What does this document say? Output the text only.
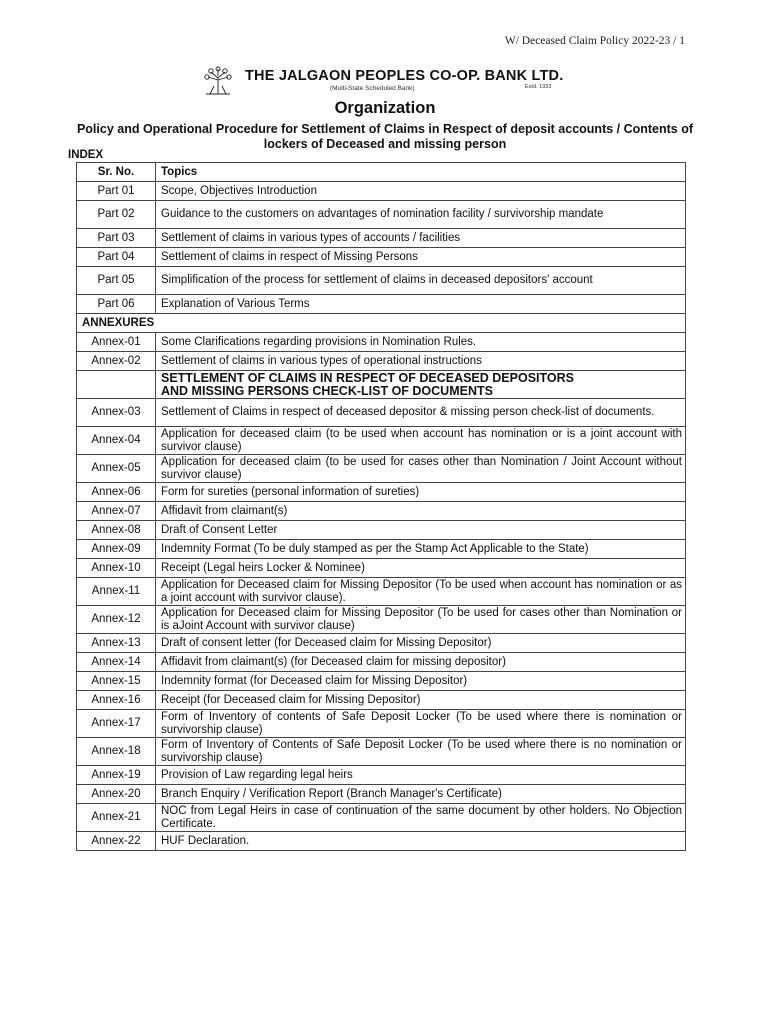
W/ Deceased Claim Policy 2022-23 / 1
THE JALGAON PEOPLES CO-OP. BANK LTD.
(Multi-State Scheduled Bank)	Estd. 1933
Organization
Policy and Operational Procedure for Settlement of Claims in Respect of deposit accounts / Contents of lockers of Deceased and missing person
INDEX
Sr. No.	Topics
Part 01	Scope, Objectives Introduction
Part 02	Guidance to the customers on advantages of nomination facility / survivorship mandate
Part 03	Settlement of claims in various types of accounts / facilities
Part 04	Settlement of claims in respect of Missing Persons
Part 05	Simplification of the process for settlement of claims in deceased depositors' account
Part 06	Explanation of Various Terms
ANNEXURES	
Annex-01	Some Clarifications regarding provisions in Nomination Rules.
Annex-02	Settlement of claims in various types of operational instructions

	SETTLEMENT OF CLAIMS IN RESPECT OF DECEASED DEPOSITORS
AND MISSING PERSONS CHECK-LIST OF DOCUMENTS

Annex-03	Settlement of Claims in respect of deceased depositor & missing person check-list of documents.
Annex-04	Application for deceased claim (to be used when account has nomination or is a joint account with survivor clause)
Annex-05	Application for deceased claim (to be used for cases other than Nomination / Joint Account without survivor clause)
Annex-06	Form for sureties (personal information of sureties)
Annex-07	Affidavit from claimant(s)
Annex-08	Draft of Consent Letter
Annex-09	Indemnity Format (To be duly stamped as per the Stamp Act Applicable to the State)
Annex-10	Receipt (Legal heirs Locker & Nominee)
Annex-11	Application for Deceased claim for Missing Depositor (To be used when account has nomination or as a joint account with survivor clause).
Annex-12	Application for Deceased claim for Missing Depositor (To be used for cases other than Nomination or is aJoint Account with survivor clause)
Annex-13	Draft of consent letter (for Deceased claim for Missing Depositor)
Annex-14	Affidavit from claimant(s) (for Deceased claim for missing depositor)
Annex-15	Indemnity format (for Deceased claim for Missing Depositor)
Annex-16	Receipt (for Deceased claim for Missing Depositor)
Annex-17	Form of Inventory of contents of Safe Deposit Locker (To be used where there is nomination or survivorship clause)
Annex-18	Form of Inventory of Contents of Safe Deposit Locker (To be used where there is no nomination or survivorship clause)
Annex-19	Provision of Law regarding legal heirs
Annex-20	Branch Enquiry / Verification Report (Branch Manager's Certificate)
Annex-21	NOC from Legal Heirs in case of continuation of the same document by other holders. No Objection Certificate.
Annex-22	HUF Declaration.
